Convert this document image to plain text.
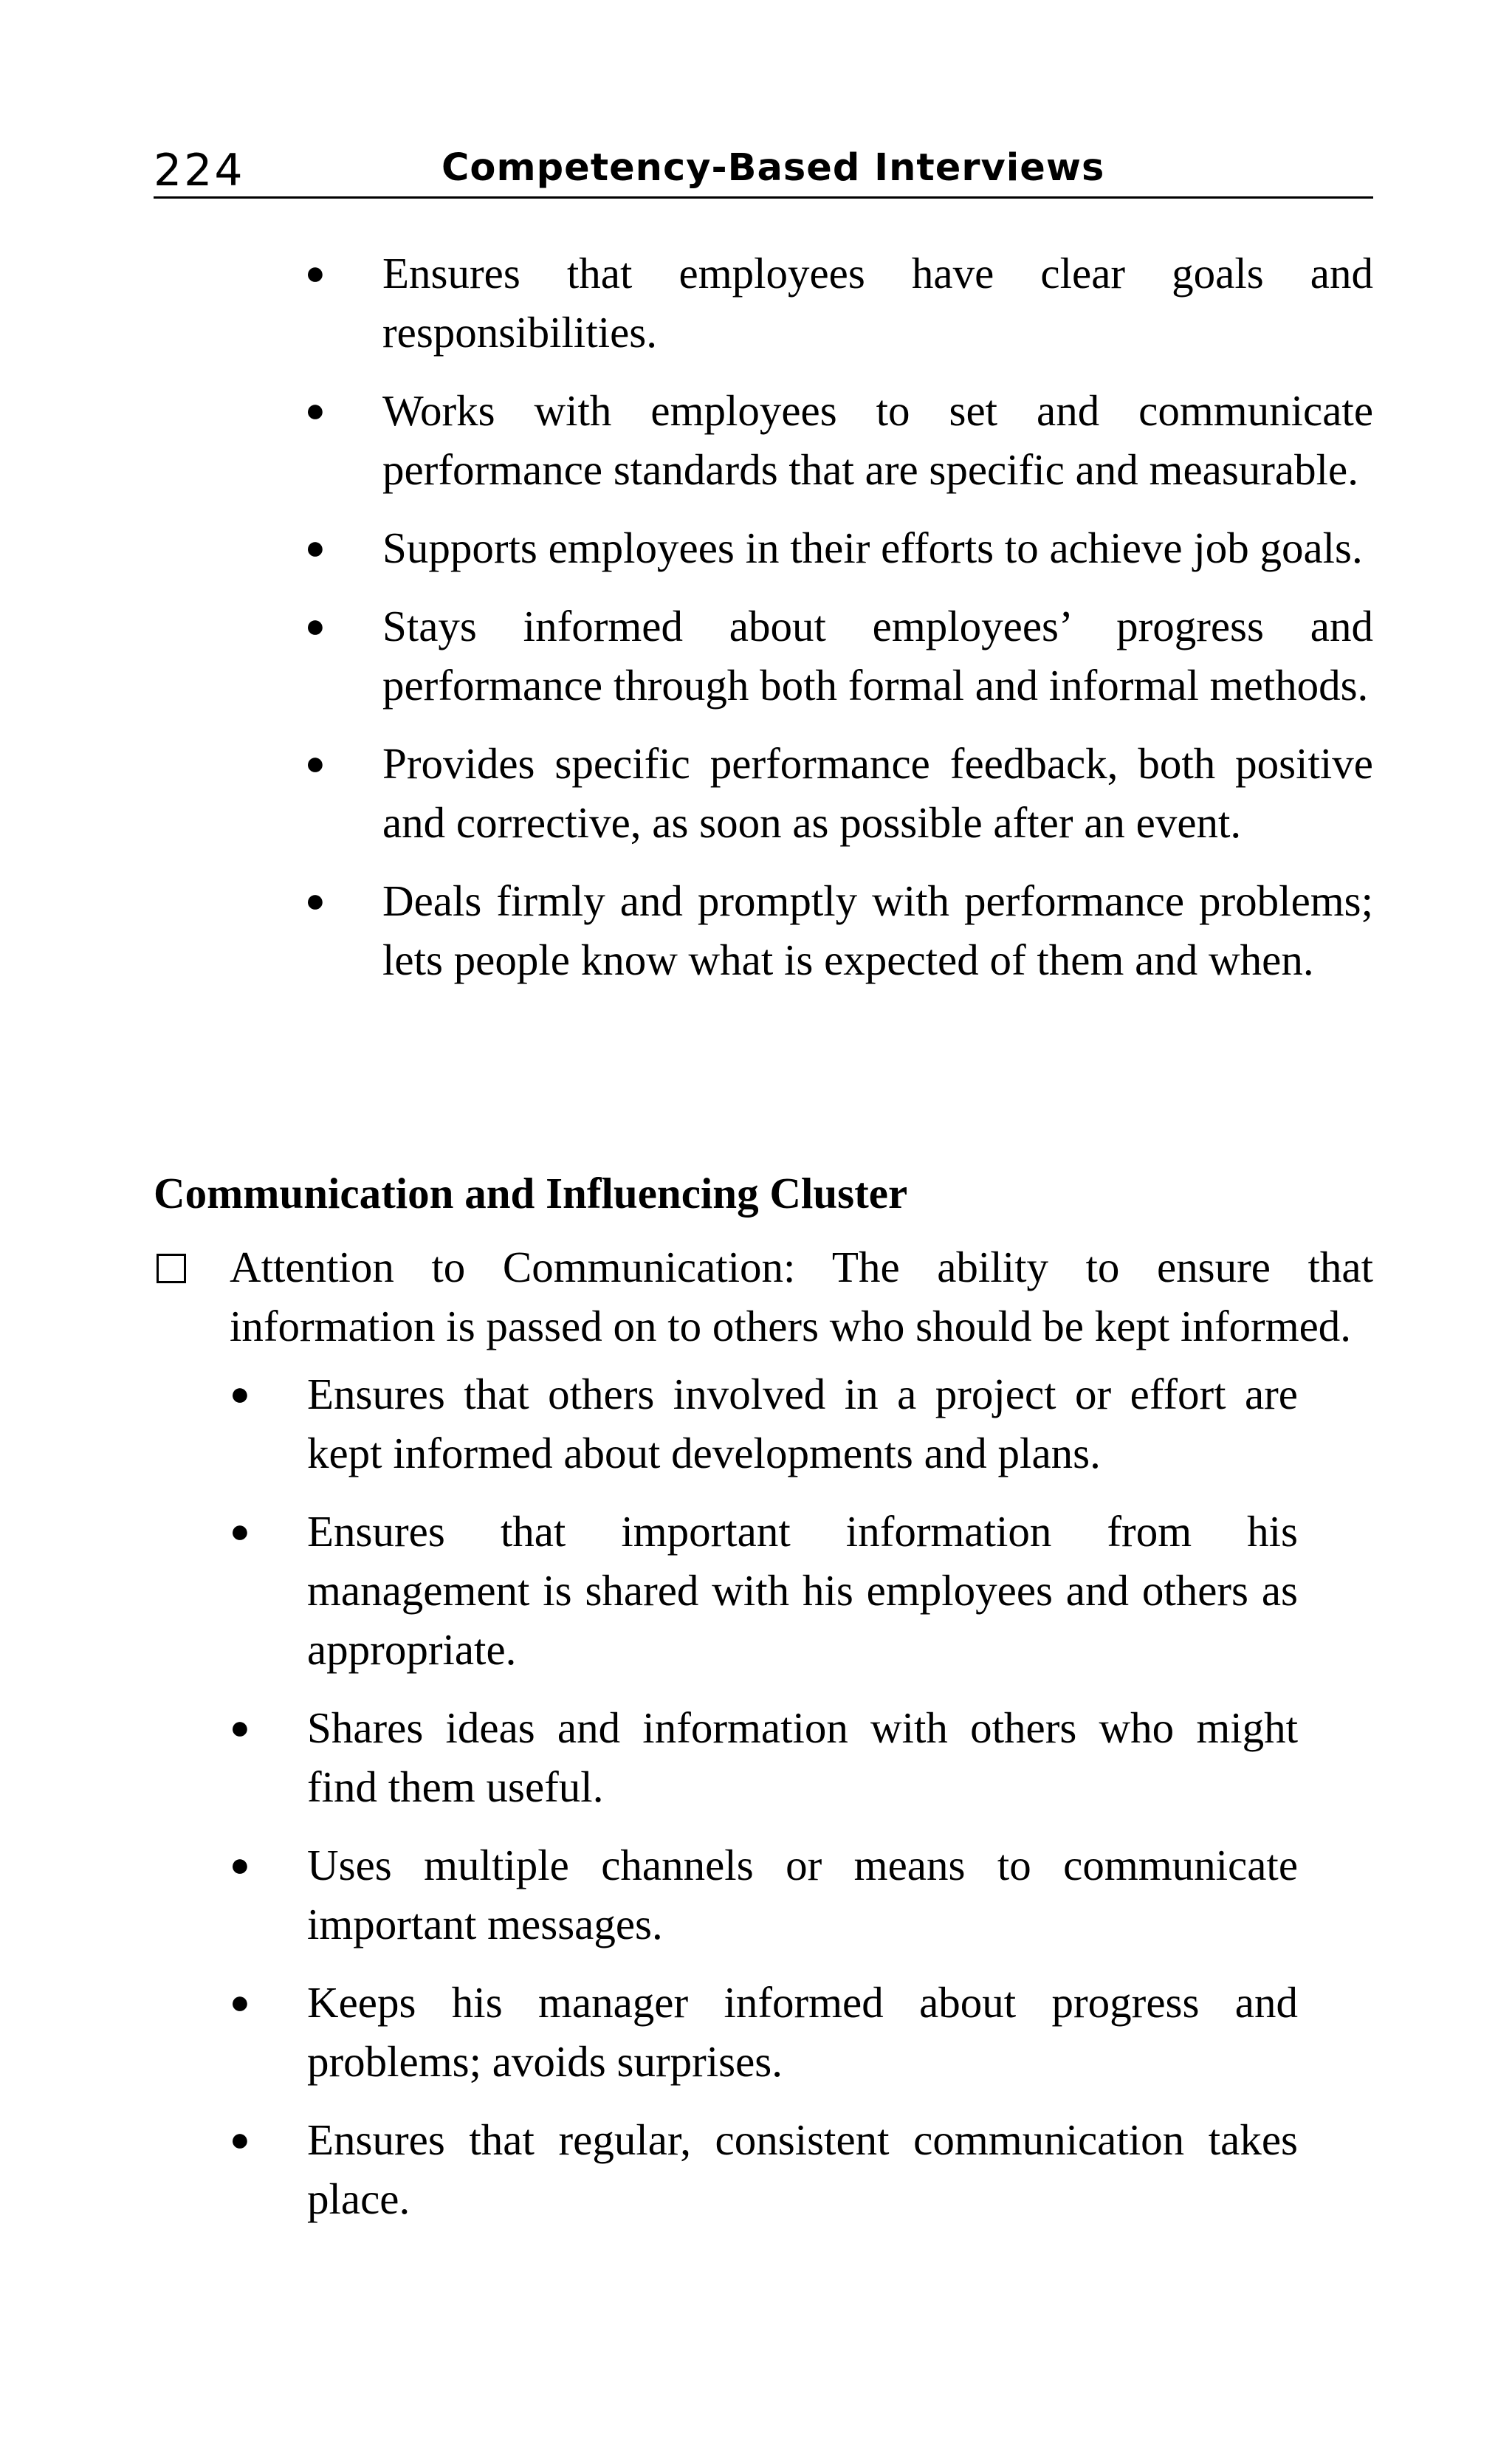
224	Competency-Based Interviews
● Ensures that employees have clear goals and responsibilities.
● Works with employees to set and communicate performance standards that are specific and measurable.
● Supports employees in their efforts to achieve job goals.
● Stays informed about employees’ progress and performance through both formal and informal methods.
● Provides specific performance feedback, both positive and corrective, as soon as possible after an event.
● Deals firmly and promptly with performance problems; lets people know what is expected of them and when.
Communication and Influencing Cluster
Attention to Communication: The ability to ensure that information is passed on to others who should be kept informed.
● Ensures that others involved in a project or effort are kept informed about developments and plans.
● Ensures that important information from his management is shared with his employees and others as appropriate.
● Shares ideas and information with others who might find them useful.
● Uses multiple channels or means to communicate important messages.
● Keeps his manager informed about progress and problems; avoids surprises.
● Ensures that regular, consistent communication takes place.
